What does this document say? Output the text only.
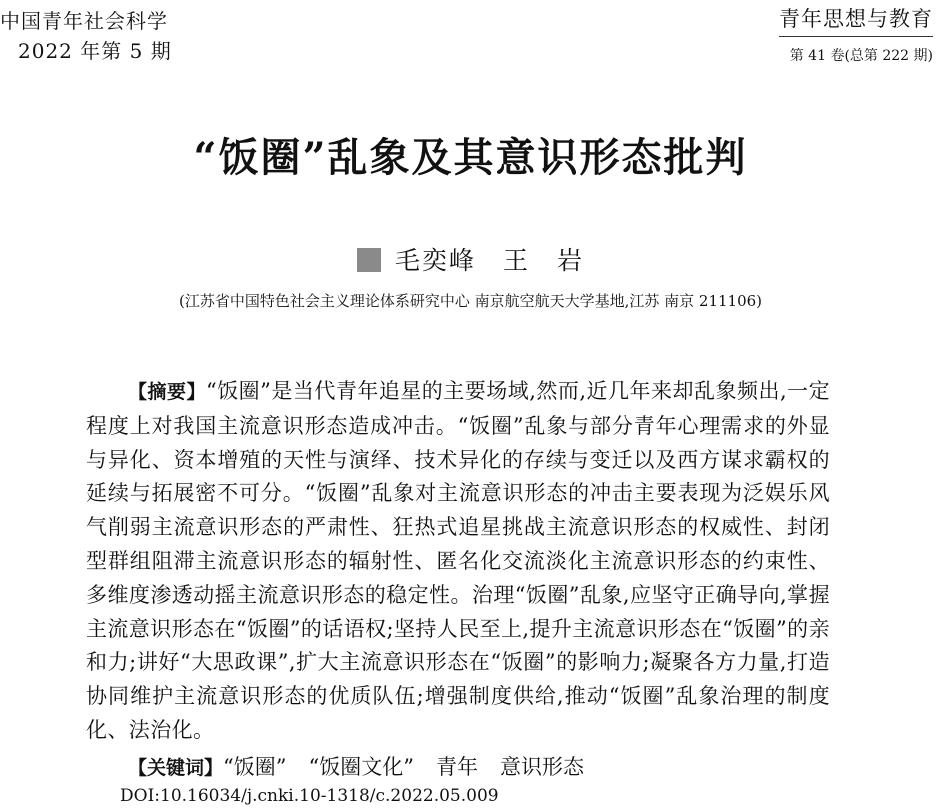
中国青年社会科学
2022 年第 5 期
青年思想与教育
第 41 卷(总第 222 期)
“饭圈”乱象及其意识形态批判
毛奕峰　王　岩
(江苏省中国特色社会主义理论体系研究中心 南京航空航天大学基地,江苏 南京 211106)
【摘要】“饭圈”是当代青年追星的主要场域,然而,近几年来却乱象频出,一定程度上对我国主流意识形态造成冲击。“饭圈”乱象与部分青年心理需求的外显与异化、资本增殖的天性与演绎、技术异化的存续与变迁以及西方谋求霸权的延续与拓展密不可分。“饭圈”乱象对主流意识形态的冲击主要表现为泛娱乐风气削弱主流意识形态的严肃性、狂热式追星挑战主流意识形态的权威性、封闭型群组阻滞主流意识形态的辐射性、匿名化交流淡化主流意识形态的约束性、多维度渗透动摇主流意识形态的稳定性。治理“饭圈”乱象,应坚守正确导向,掌握主流意识形态在“饭圈”的话语权;坚持人民至上,提升主流意识形态在“饭圈”的亲和力;讲好“大思政课”,扩大主流意识形态在“饭圈”的影响力;凝聚各方力量,打造协同维护主流意识形态的优质队伍;增强制度供给,推动“饭圈”乱象治理的制度化、法治化。
【关键词】“饭圈” “饭圈文化” 青年 意识形态
DOI:10.16034/j.cnki.10-1318/c.2022.05.009
